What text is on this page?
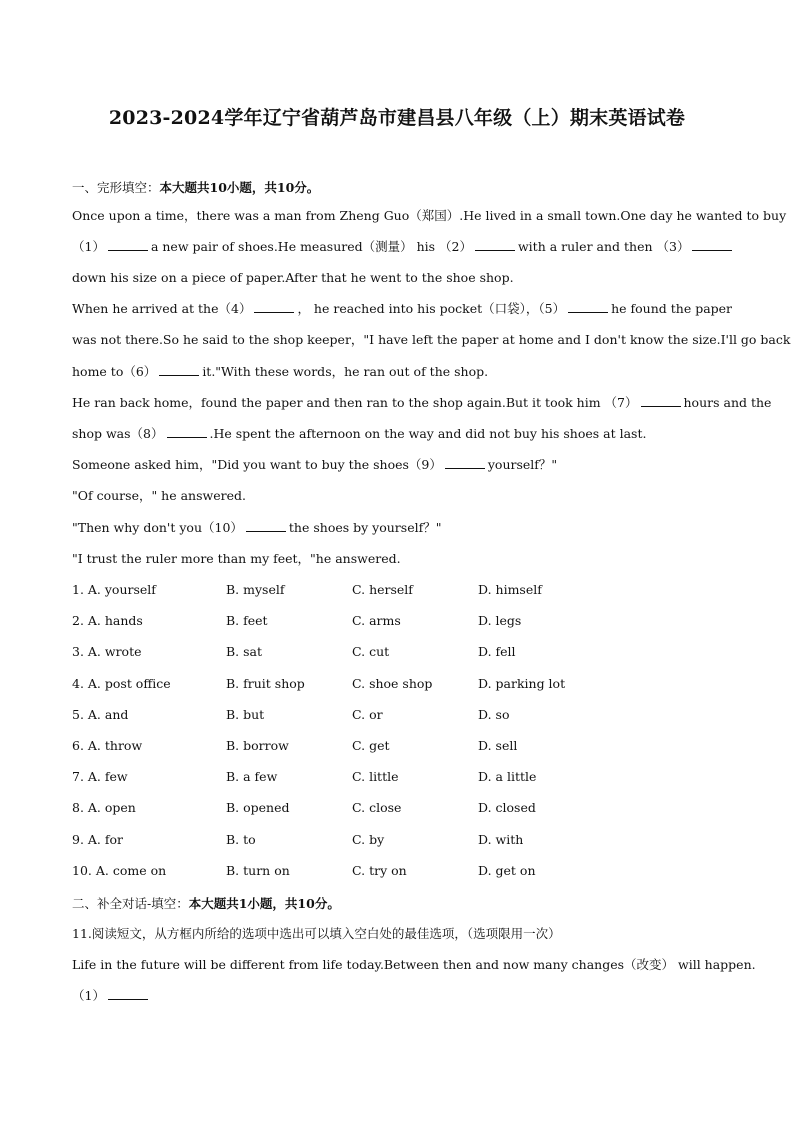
2023-2024学年辽宁省葫芦岛市建昌县八年级（上）期末英语试卷
一、完形填空：本大题共10小题，共10分。
Once upon a time，there was a man from Zheng Guo（郑国）.He lived in a small town.One day he wanted to buy
（1）	a new pair of shoes.He measured（测量） his （2）	with a ruler and then （3）
down his size on a piece of paper.After that he went to the shoe shop.
When he arrived at the（4）	， he reached into his pocket（口袋），（5）	he found the paper
was not there.So he said to the shop keeper，"I have left the paper at home and I don't know the size.I'll go back
home to（6）	it."With these words，he ran out of the shop.
He ran back home，found the paper and then ran to the shop again.But it took him （7）	hours and the
shop was（8）	.He spent the afternoon on the way and did not buy his shoes at last.
Someone asked him，"Did you want to buy the shoes（9）	yourself？"
"Of course，" he answered.
"Then why don't you（10）	the shoes by yourself？"
"I trust the ruler more than my feet，"he answered.
1. A. yourself	B. myself	C. herself	D. himself
2. A. hands	B. feet	C. arms	D. legs
3. A. wrote	B. sat	C. cut	D. fell
4. A. post office	B. fruit shop	C. shoe shop	D. parking lot
5. A. and	B. but	C. or	D. so
6. A. throw	B. borrow	C. get	D. sell
7. A. few	B. a few	C. little	D. a little
8. A. open	B. opened	C. close	D. closed
9. A. for	B. to	C. by	D. with
10. A. come on	B. turn on	C. try on	D. get on
二、补全对话-填空：本大题共1小题，共10分。
11.阅读短文，从方框内所给的选项中选出可以填入空白处的最佳选项，（选项限用一次）
Life in the future will be different from life today.Between then and now many changes（改变） will happen.
（1）
